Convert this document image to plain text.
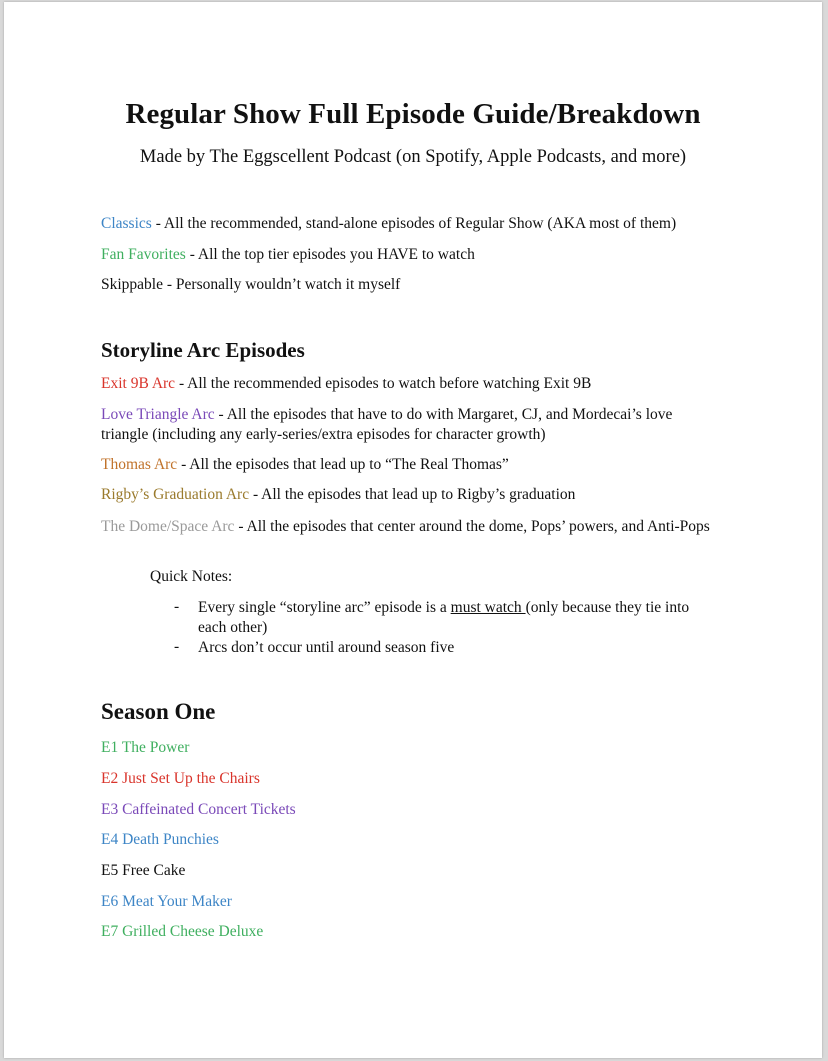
Regular Show Full Episode Guide/Breakdown
Made by The Eggscellent Podcast (on Spotify, Apple Podcasts, and more)
Classics - All the recommended, stand-alone episodes of Regular Show (AKA most of them)
Fan Favorites - All the top tier episodes you HAVE to watch
Skippable - Personally wouldn’t watch it myself
Storyline Arc Episodes
Exit 9B Arc - All the recommended episodes to watch before watching Exit 9B
Love Triangle Arc - All the episodes that have to do with Margaret, CJ, and Mordecai’s love triangle (including any early-series/extra episodes for character growth)
Thomas Arc - All the episodes that lead up to “The Real Thomas”
Rigby’s Graduation Arc - All the episodes that lead up to Rigby’s graduation
The Dome/Space Arc - All the episodes that center around the dome, Pops’ powers, and Anti-Pops
Quick Notes:
- Every single “storyline arc” episode is a must watch (only because they tie into each other)
- Arcs don’t occur until around season five
Season One
E1 The Power
E2 Just Set Up the Chairs
E3 Caffeinated Concert Tickets
E4 Death Punchies
E5 Free Cake
E6 Meat Your Maker
E7 Grilled Cheese Deluxe
